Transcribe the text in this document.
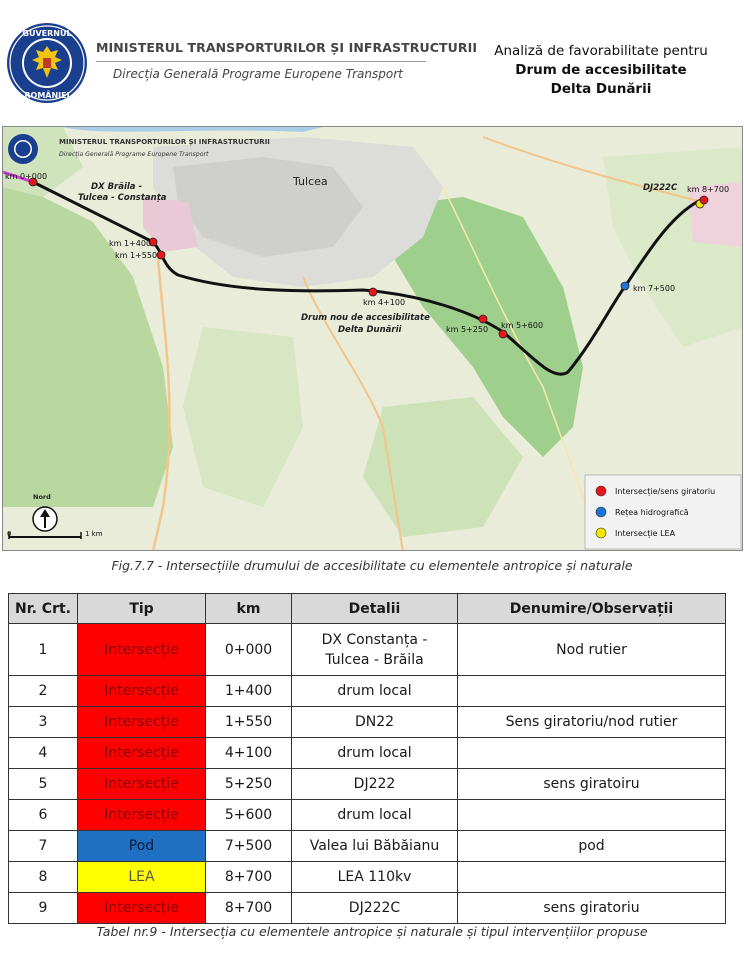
GUVERNUL
ROMÂNIEI
MINISTERUL TRANSPORTURILOR ȘI INFRASTRUCTURII
Direcția Generală Programe Europene Transport
Analiză de favorabilitate pentru
Drum de accesibilitate
Delta Dunării
km 0+000
km 1+400
km 1+550
km 4+100
km 5+250 km 5+600
km 7+500
km 8+700
DJ222C
Tulcea
DX Brăila -
Tulcea - Constanța
Drum nou de accesibilitate
Delta Dunării
MINISTERUL TRANSPORTURILOR ȘI INFRASTRUCTURII
Direcția Generală Programe Europene Transport
Nord
0	1 km
Intersecție/sens giratoriu
Rețea hidrografică
Intersecție LEA
Fig.7.7 - Intersecțiile drumului de accesibilitate cu elementele antropice și naturale
Nr. Crt.	Tip	km	Detalii	Denumire/Observații
1	Intersecție	0+000	DX Constanța -
Tulcea - Brăila	Nod rutier
2	Intersecție	1+400	drum local	
3	Intersecție	1+550	DN22	Sens giratoriu/nod rutier
4	Intersecție	4+100	drum local	
5	Intersecție	5+250	DJ222	sens giratoiru
6	Intersecție	5+600	drum local	
7	Pod	7+500	Valea lui Băbăianu	pod
8	LEA	8+700	LEA 110kv	
9	Intersecție	8+700	DJ222C	sens giratoriu
Tabel nr.9 - Intersecția cu elementele antropice și naturale și tipul intervențiilor propuse
